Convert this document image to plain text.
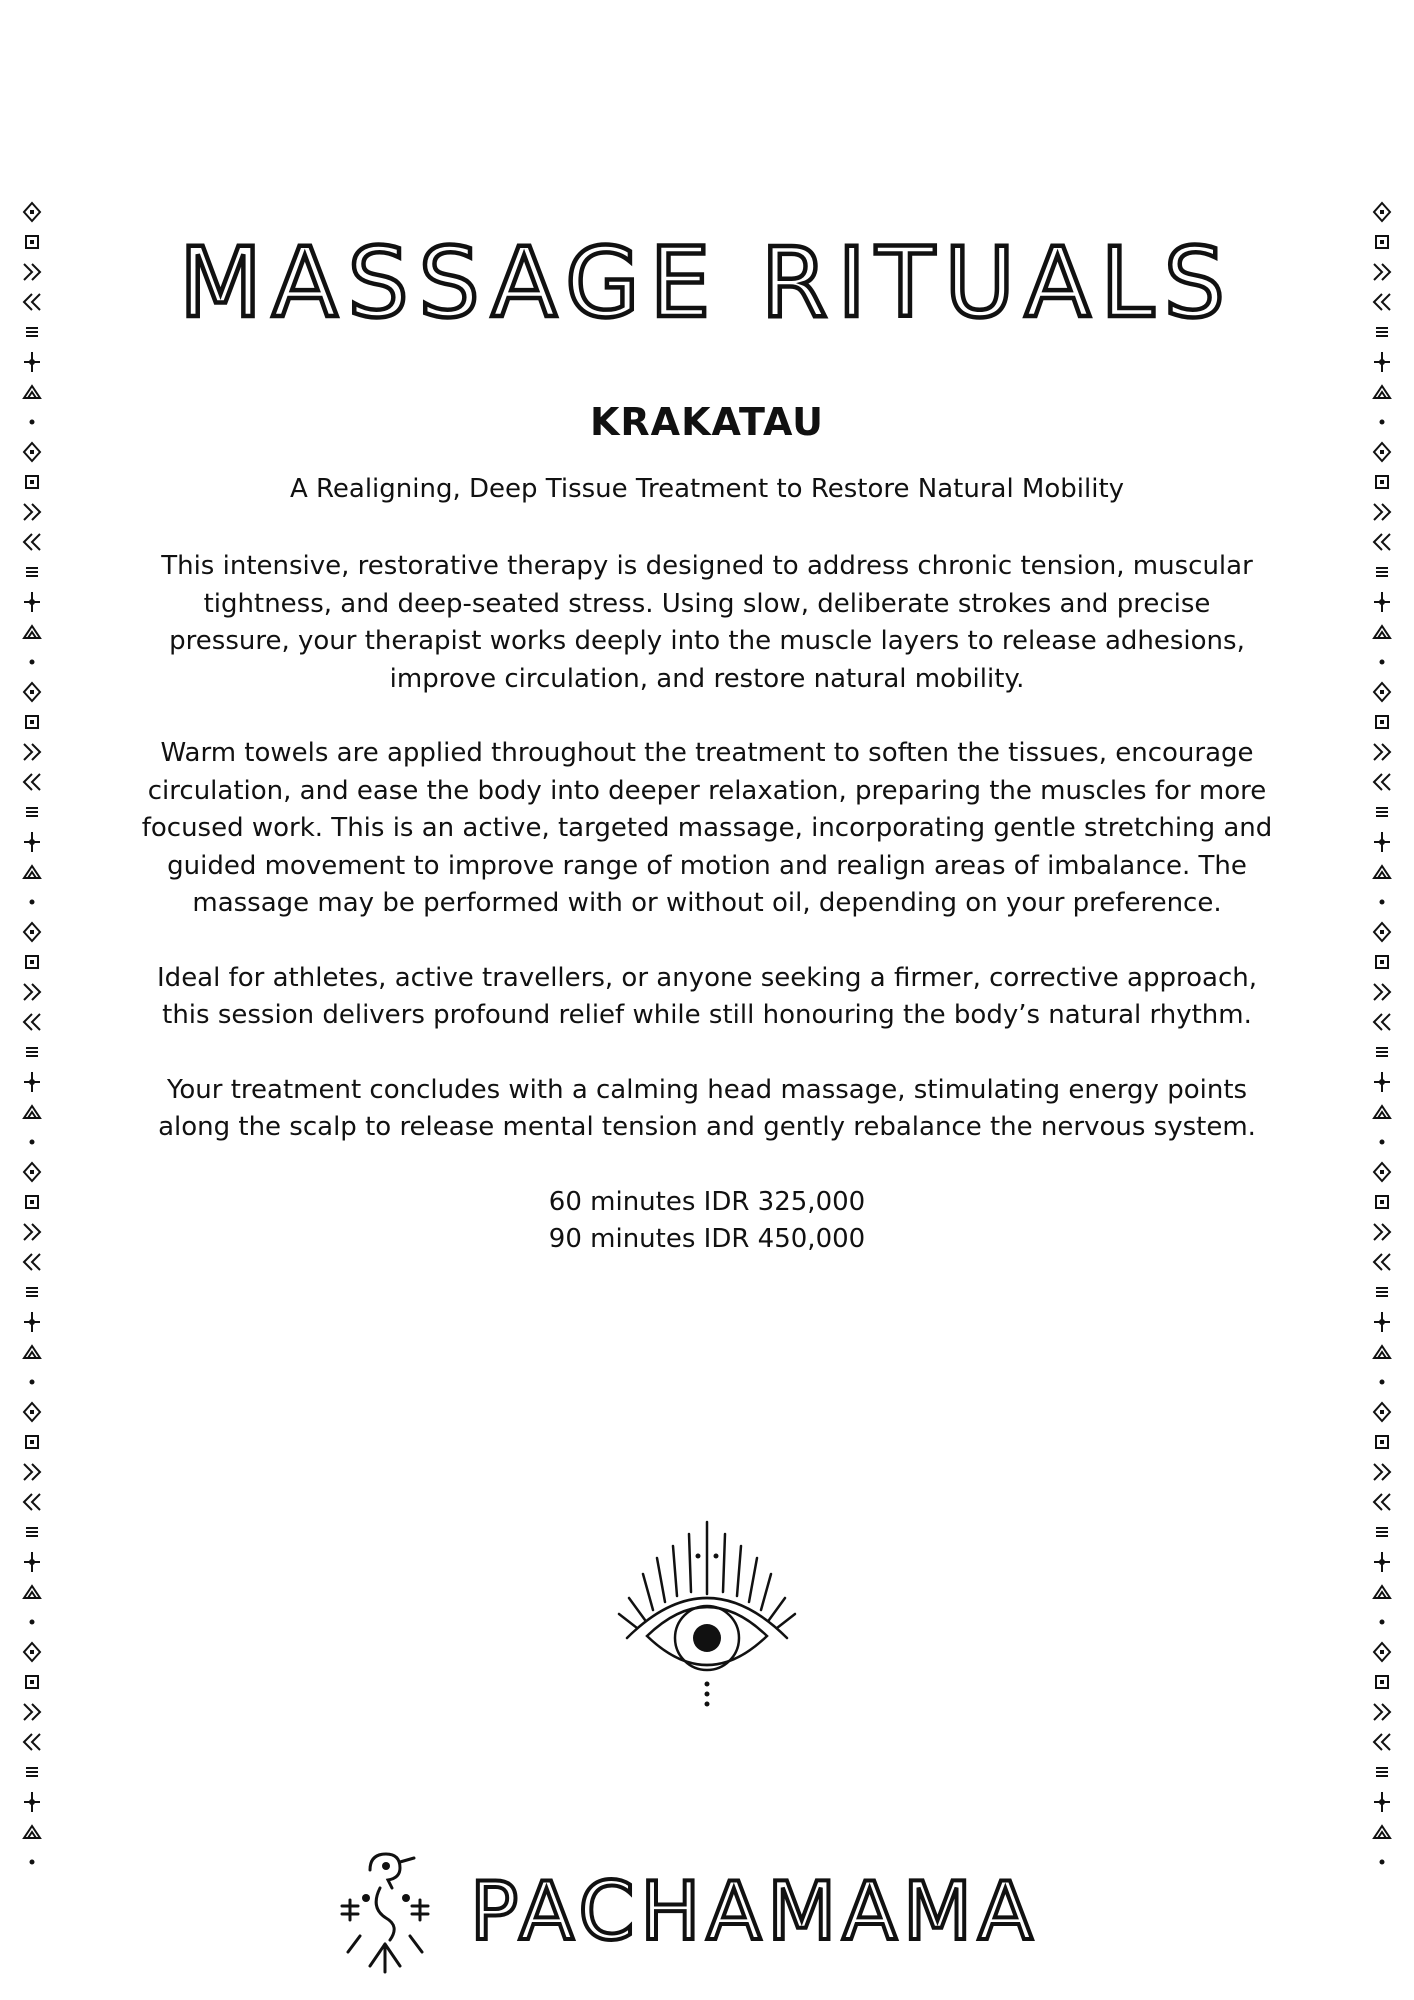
MASSAGE RITUALS
KRAKATAU
A Realigning, Deep Tissue Treatment to Restore Natural Mobility

This intensive, restorative therapy is designed to address chronic tension, muscular tightness, and deep-seated stress. Using slow, deliberate strokes and precise pressure, your therapist works deeply into the muscle layers to release adhesions, improve circulation, and restore natural mobility.

Warm towels are applied throughout the treatment to soften the tissues, encourage circulation, and ease the body into deeper relaxation, preparing the muscles for more focused work. This is an active, targeted massage, incorporating gentle stretching and guided movement to improve range of motion and realign areas of imbalance. The massage may be performed with or without oil, depending on your preference.

Ideal for athletes, active travellers, or anyone seeking a firmer, corrective approach, this session delivers profound relief while still honouring the body’s natural rhythm.

Your treatment concludes with a calming head massage, stimulating energy points along the scalp to release mental tension and gently rebalance the nervous system.

60 minutes IDR 325,000

90 minutes IDR 450,000

PACHAMAMA
